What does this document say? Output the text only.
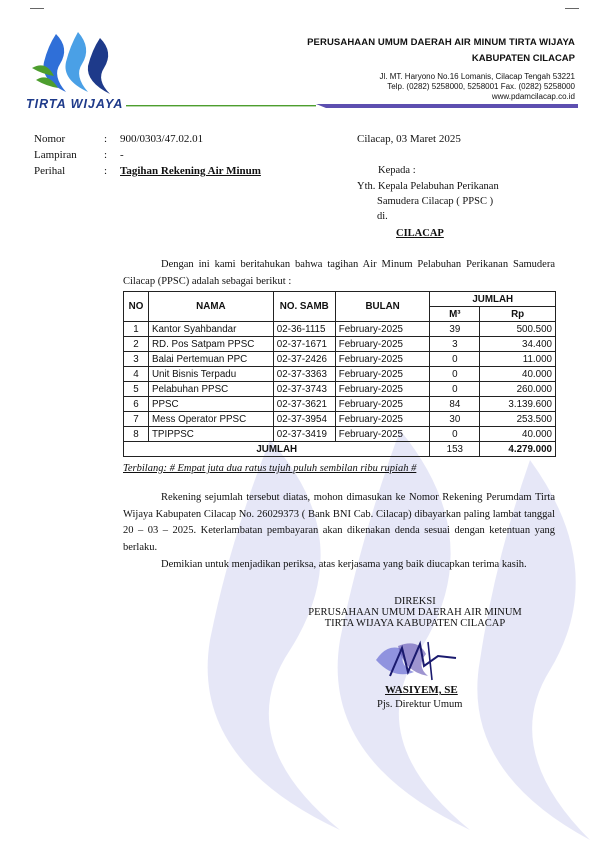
TIRTA WIJAYA
PERUSAHAAN UMUM DAERAH AIR MINUM TIRTA WIJAYA
KABUPATEN CILACAP
Jl. MT. Haryono No.16 Lomanis, Cilacap Tengah 53221
Telp. (0282) 5258000, 5258001 Fax. (0282) 5258000
www.pdamcilacap.co.id
Nomor	: 900/0303/47.02.01
Lampiran : -
Perihal	: Tagihan Rekening Air Minum
Cilacap, 03 Maret 2025
Kepada :
Yth. Kepala Pelabuhan Perikanan
Samudera Cilacap ( PPSC )
di.
CILACAP
Dengan ini kami beritahukan bahwa tagihan Air Minum Pelabuhan Perikanan Samudera Cilacap (PPSC) adalah sebagai berikut :
NO	NAMA	NO. SAMB	BULAN	JUMLAH	
				M³	Rp
1	Kantor Syahbandar	02-36-1115	February-2025	39	500.500
2	RD. Pos Satpam PPSC	02-37-1671	February-2025	3	34.400
3	Balai Pertemuan PPC	02-37-2426	February-2025	0	11.000
4	Unit Bisnis Terpadu	02-37-3363	February-2025	0	40.000
5	Pelabuhan PPSC	02-37-3743	February-2025	0	260.000
6	PPSC	02-37-3621	February-2025	84	3.139.600
7	Mess Operator PPSC	02-37-3954	February-2025	30	253.500
8	TPIPPSC	02-37-3419	February-2025	0	40.000
JUMLAH				153	4.279.000
Terbilang: # Empat juta dua ratus tujuh puluh sembilan ribu rupiah #
Rekening sejumlah tersebut diatas, mohon dimasukan ke Nomor Rekening Perumdam Tirta Wijaya Kabupaten Cilacap No. 26029373 ( Bank BNI Cab. Cilacap) dibayarkan paling lambat tanggal 20 – 03 – 2025. Keterlambatan pembayaran akan dikenakan denda sesuai dengan ketentuan yang berlaku.
Demikian untuk menjadikan periksa, atas kerjasama yang baik diucapkan terima kasih.
DIREKSI
PERUSAHAAN UMUM DAERAH AIR MINUM
TIRTA WIJAYA KABUPATEN CILACAP
WASIYEM, SE
Pjs. Direktur Umum
